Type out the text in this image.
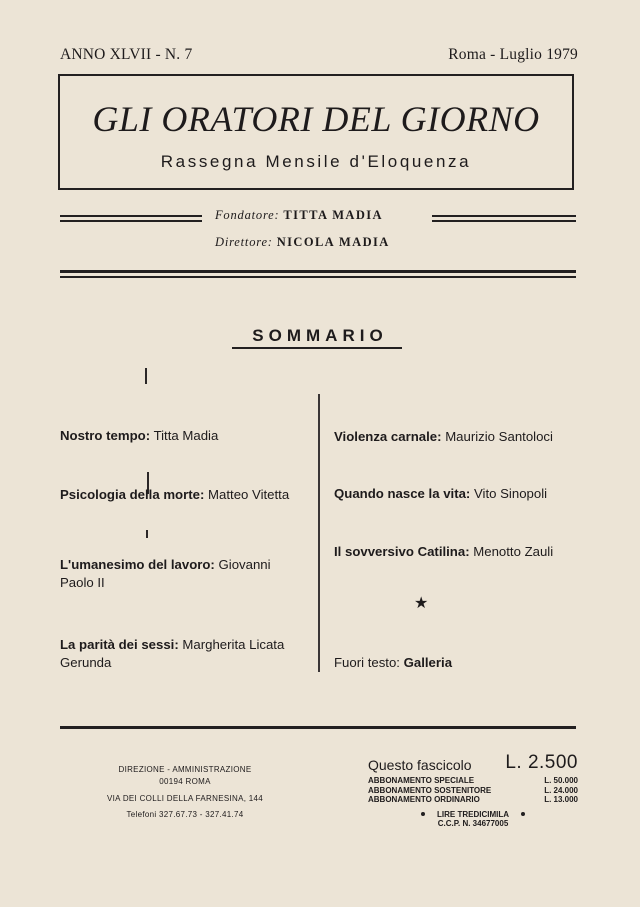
ANNO XLVII - N. 7	Roma - Luglio 1979
GLI ORATORI DEL GIORNO
Rassegna Mensile d'Eloquenza
Fondatore: TITTA MADIA
Direttore: NICOLA MADIA
SOMMARIO
Nostro tempo: Titta Madia
Psicologia della morte: Matteo Vitetta
L'umanesimo del lavoro: Giovanni Paolo II
La parità dei sessi: Margherita Licata Gerunda
Violenza carnale: Maurizio Santoloci
Quando nasce la vita: Vito Sinopoli
Il sovversivo Catilina: Menotto Zauli
★
Fuori testo: Galleria
DIREZIONE - AMMINISTRAZIONE
00194 ROMA
VIA DEI COLLI DELLA FARNESINA, 144
Telefoni 327.67.73 - 327.41.74
Questo fascicolo L. 2.500
ABBONAMENTO SPECIALE	L. 50.000
ABBONAMENTO SOSTENITORE	L. 24.000
ABBONAMENTO ORDINARIO	L. 13.000
LIRE TREDICIMILA
C.C.P. N. 34677005
